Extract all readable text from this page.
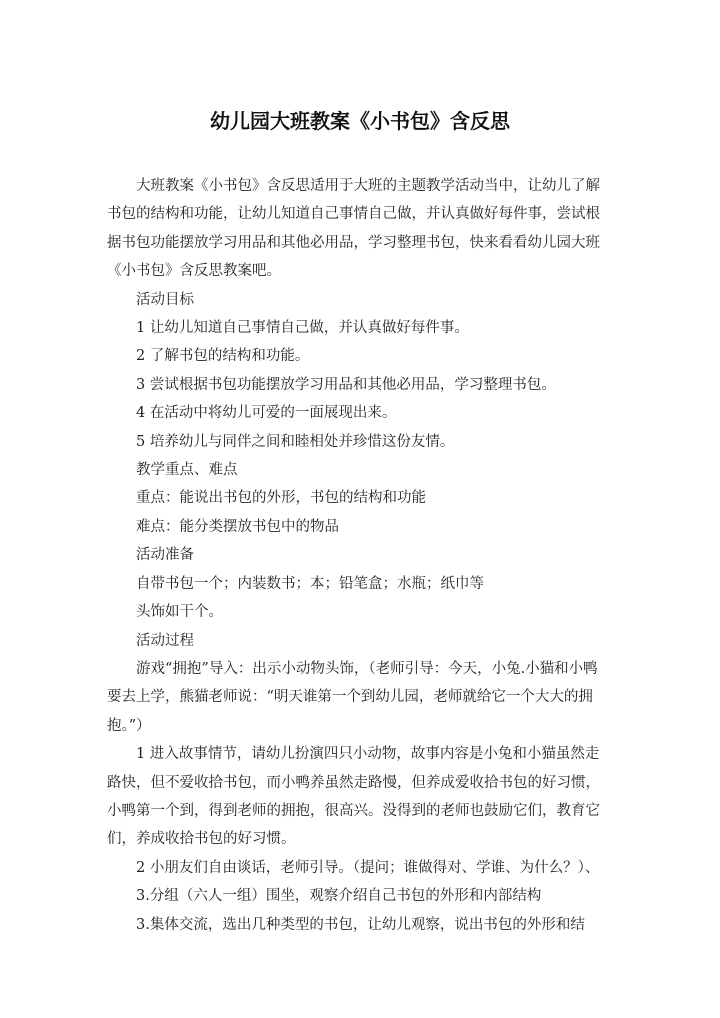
幼儿园大班教案《小书包》含反思

大班教案《小书包》含反思适用于大班的主题教学活动当中，让幼儿了解书包的结构和功能，让幼儿知道自己事情自己做，并认真做好每件事，尝试根据书包功能摆放学习用品和其他必用品，学习整理书包，快来看看幼儿园大班《小书包》含反思教案吧。

活动目标

1 让幼儿知道自己事情自己做，并认真做好每件事。

2 了解书包的结构和功能。

3 尝试根据书包功能摆放学习用品和其他必用品，学习整理书包。

4 在活动中将幼儿可爱的一面展现出来。

5 培养幼儿与同伴之间和睦相处并珍惜这份友情。

教学重点、难点

重点：能说出书包的外形，书包的结构和功能

难点：能分类摆放书包中的物品

活动准备

自带书包一个；内装数书；本；铅笔盒；水瓶；纸巾等

头饰如干个。

活动过程

游戏“拥抱”导入：出示小动物头饰，（老师引导：今天，小兔.小猫和小鸭要去上学，熊猫老师说：“明天谁第一个到幼儿园，老师就给它一个大大的拥抱。”）

1 进入故事情节，请幼儿扮演四只小动物，故事内容是小兔和小猫虽然走路快，但不爱收拾书包，而小鸭养虽然走路慢，但养成爱收拾书包的好习惯，小鸭第一个到，得到老师的拥抱，很高兴。没得到的老师也鼓励它们，教育它们，养成收拾书包的好习惯。

2 小朋友们自由谈话，老师引导。（提问；谁做得对、学谁、为什么？）、

3.分组（六人一组）围坐，观察介绍自己书包的外形和内部结构

3.集体交流，选出几种类型的书包，让幼儿观察，说出书包的外形和结
